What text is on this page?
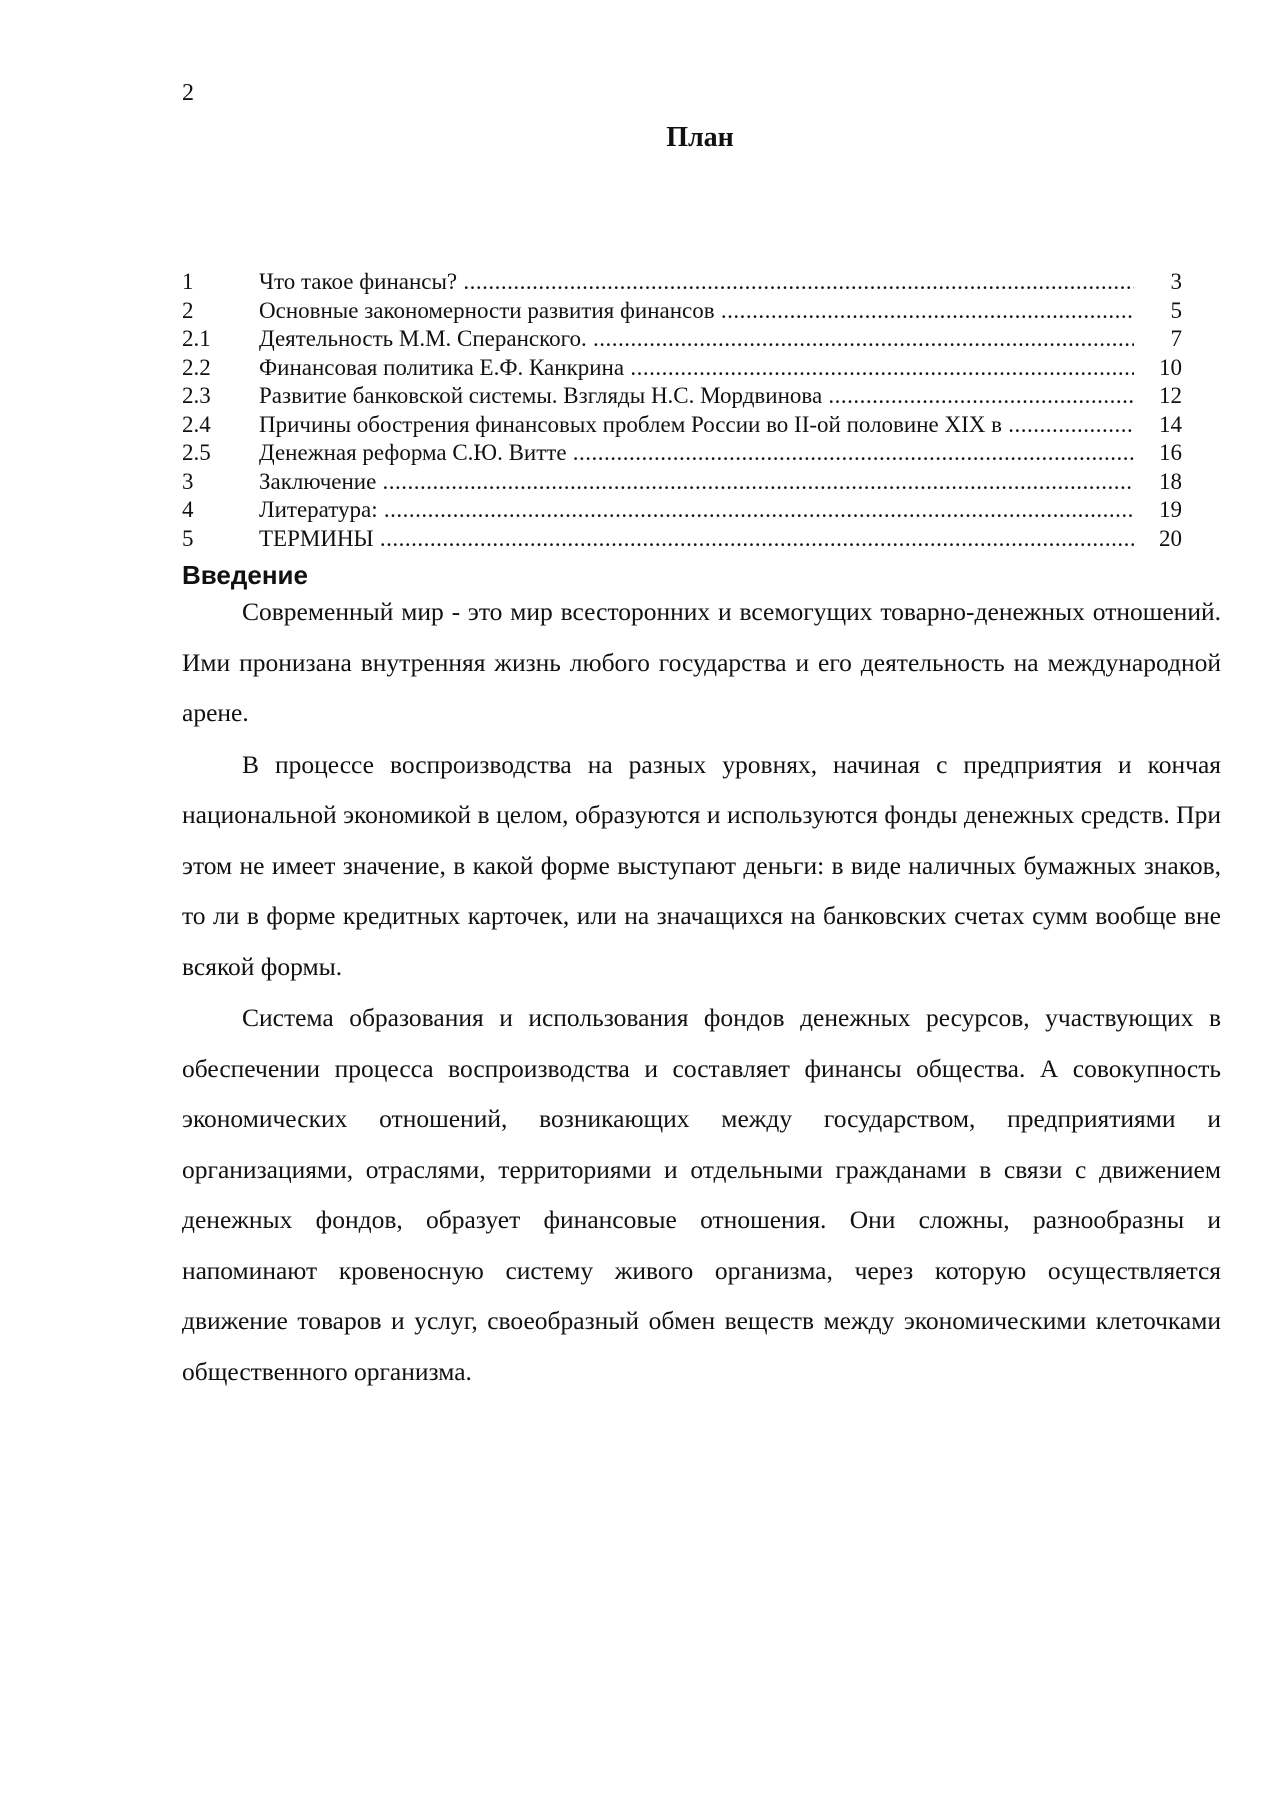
2
План
1	Что такое финансы? .....	3
2	Основные закономерности развития финансов .....	5
2.1	Деятельность М.М. Сперанского. .....	7
2.2	Финансовая политика Е.Ф. Канкрина .....	10
2.3	Развитие банковской системы. Взгляды Н.С. Мордвинова .....	12
2.4	Причины обострения финансовых проблем России во II-ой половине XIX в .....	14
2.5	Денежная реформа С.Ю. Витте .....	16
3	Заключение .....	18
4	Литература: .....	19
5	ТЕРМИНЫ .....	20
Введение

Современный мир - это мир всесторонних и всемогущих товарно-денежных отношений. Ими пронизана внутренняя жизнь любого государства и его деятельность на международной арене.

В процессе воспроизводства на разных уровнях, начиная с предприятия и кончая национальной экономикой в целом, образуются и используются фонды денежных средств. При этом не имеет значение, в какой форме выступают деньги: в виде наличных бумажных знаков, то ли в форме кредитных карточек, или на значащихся на банковских счетах сумм вообще вне всякой формы.

Система образования и использования фондов денежных ресурсов, участвующих в обеспечении процесса воспроизводства и составляет финансы общества. А совокупность экономических отношений, возникающих между государством, предприятиями и организациями, отраслями, территориями и отдельными гражданами в связи с движением денежных фондов, образует финансовые отношения. Они сложны, разнообразны и напоминают кровеносную систему живого организма, через которую осуществляется движение товаров и услуг, своеобразный обмен веществ между экономическими клеточками общественного организма.
